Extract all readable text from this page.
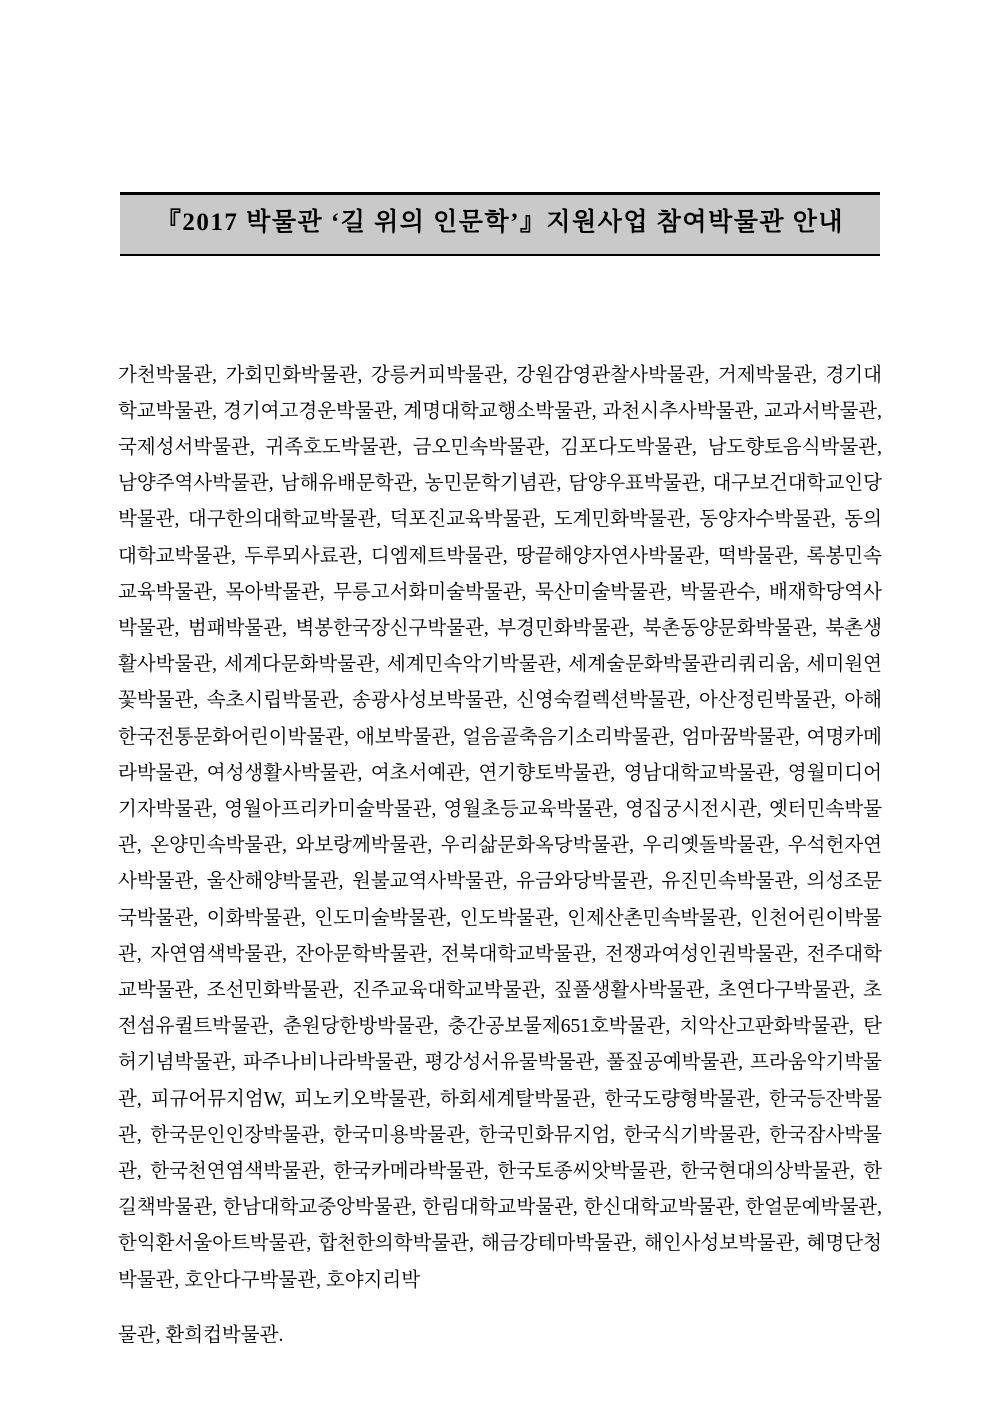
『2017 박물관 ‘길 위의 인문학’』지원사업 참여박물관 안내

가천박물관, 가회민화박물관, 강릉커피박물관, 강원감영관찰사박물관, 거제박물관, 경기대학교박물관, 경기여고경운박물관, 계명대학교행소박물관, 과천시추사박물관, 교과서박물관, 국제성서박물관, 귀족호도박물관, 금오민속박물관, 김포다도박물관, 남도향토음식박물관, 남양주역사박물관, 남해유배문학관, 농민문학기념관, 담양우표박물관, 대구보건대학교인당박물관, 대구한의대학교박물관, 덕포진교육박물관, 도계민화박물관, 동양자수박물관, 동의대학교박물관, 두루뫼사료관, 디엠제트박물관, 땅끝해양자연사박물관, 떡박물관, 록봉민속교육박물관, 목아박물관, 무릉고서화미술박물관, 묵산미술박물관, 박물관수, 배재학당역사박물관, 범패박물관, 벽봉한국장신구박물관, 부경민화박물관, 북촌동양문화박물관, 북촌생활사박물관, 세계다문화박물관, 세계민속악기박물관, 세계술문화박물관리쿼리움, 세미원연꽃박물관, 속초시립박물관, 송광사성보박물관, 신영숙컬렉션박물관, 아산정린박물관, 아해한국전통문화어린이박물관, 애보박물관, 얼음골축음기소리박물관, 엄마꿈박물관, 여명카메라박물관, 여성생활사박물관, 여초서예관, 연기향토박물관, 영남대학교박물관, 영월미디어기자박물관, 영월아프리카미술박물관, 영월초등교육박물관, 영집궁시전시관, 옛터민속박물관, 온양민속박물관, 와보랑께박물관, 우리삶문화옥당박물관, 우리옛돌박물관, 우석헌자연사박물관, 울산해양박물관, 원불교역사박물관, 유금와당박물관, 유진민속박물관, 의성조문국박물관, 이화박물관, 인도미술박물관, 인도박물관, 인제산촌민속박물관, 인천어린이박물관, 자연염색박물관, 잔아문학박물관, 전북대학교박물관, 전쟁과여성인권박물관, 전주대학교박물관, 조선민화박물관, 진주교육대학교박물관, 짚풀생활사박물관, 초연다구박물관, 초전섬유퀼트박물관, 춘원당한방박물관, 충간공보물제651호박물관, 치악산고판화박물관, 탄허기념박물관, 파주나비나라박물관, 평강성서유물박물관, 풀짚공예박물관, 프라움악기박물관, 피규어뮤지엄W, 피노키오박물관, 하회세계탈박물관, 한국도량형박물관, 한국등잔박물관, 한국문인인장박물관, 한국미용박물관, 한국민화뮤지엄, 한국식기박물관, 한국잠사박물관, 한국천연염색박물관, 한국카메라박물관, 한국토종씨앗박물관, 한국현대의상박물관, 한길책박물관, 한남대학교중앙박물관, 한림대학교박물관, 한신대학교박물관, 한얼문예박물관, 한익환서울아트박물관, 합천한의학박물관, 해금강테마박물관, 해인사성보박물관, 혜명단청박물관, 호안다구박물관, 호야지리박

물관, 환희컵박물관.
